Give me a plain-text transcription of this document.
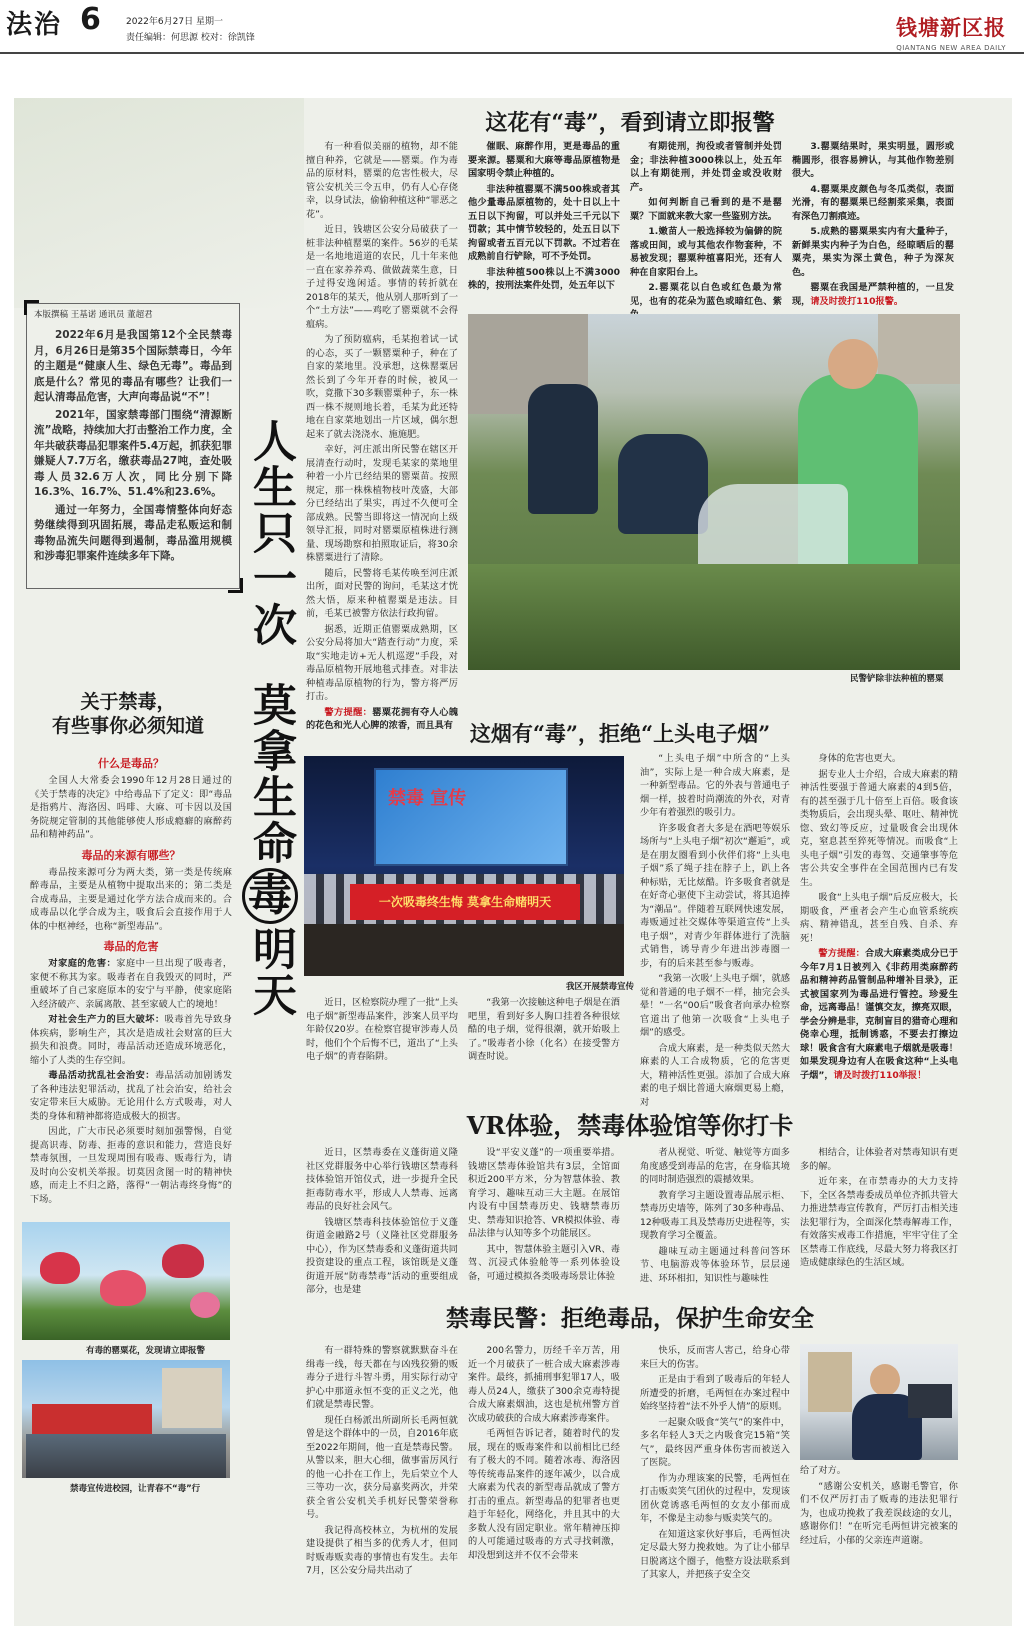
法治 6	2022年6月27日 星期一
责任编辑：何思源 校对：徐凯锋	钱塘新区报
QIANTANG NEW AREA DAILY
本版撰稿 王基诺 通讯员 董超君

2022年6月是我国第12个全民禁毒月，6月26日是第35个国际禁毒日，今年的主题是“健康人生、绿色无毒”。毒品到底是什么？常见的毒品有哪些？让我们一起认清毒品危害，大声向毒品说“不”！

2021年，国家禁毒部门围绕“清源断流”战略，持续加大打击整治工作力度，全年共破获毒品犯罪案件5.4万起，抓获犯罪嫌疑人7.7万名，缴获毒品27吨，查处吸毒人员32.6万人次，同比分别下降16.3%、16.7%、51.4%和23.6%。

通过一年努力，全国毒情整体向好态势继续得到巩固拓展，毒品走私贩运和制毒物品流失问题得到遏制，毒品滥用规模和涉毒犯罪案件连续多年下降。	人生只一次
莫拿生命
毒
明天
这花有“毒”，看到请立即报警

有一种看似美丽的植物，却不能擅自种养，它就是——罂粟。作为毒品的原材料，罂粟的危害性极大，尽管公安机关三令五申，仍有人心存侥幸，以身试法，偷偷种植这种“罪恶之花”。

近日，钱塘区公安分局破获了一桩非法种植罂粟的案件。56岁的毛某是一名地地道道的农民，几十年来他一直在家养养鸡、做做蔬菜生意，日子过得安逸闲适。事情的转折就在2018年的某天，他从别人那听到了一个“土方法”——鸡吃了罂粟就不会得瘟病。

为了预防瘟病，毛某抱着试一试的心态，买了一颗罂粟种子，种在了自家的菜地里。没承想，这株罂粟居然长到了今年开春的时候，被风一吹，竟撒下30多颗罂粟种子，东一株西一株不规则地长着，毛某为此还特地在自家菜地划出一片区域，偶尔想起来了就去浇浇水、施施肥。

幸好，河庄派出所民警在辖区开展清查行动时，发现毛某家的菜地里种着一小片已经结果的罂粟苗。按照规定，那一株株植物枝叶茂盛，大部分已经结出了果实，再过不久便可全部成熟。民警当即将这一情况向上级领导汇报，同时对罂粟原植株进行测量、现场勘察和拍照取证后，将30余株罂粟进行了清除。

随后，民警将毛某传唤至河庄派出所，面对民警的询问，毛某这才恍然大悟，原来种植罂粟是违法。目前，毛某已被警方依法行政拘留。

据悉，近期正值罂粟成熟期，区公安分局将加大“踏查行动”力度，采取“实地走访+无人机巡逻”手段，对毒品原植物开展地毯式排查。对非法种植毒品原植物的行为，警方将严厉打击。

警方提醒：罂粟花拥有夺人心魄的花色和光人心脾的浓香，而且具有

催眠、麻醉作用，更是毒品的重要来源。罂粟和大麻等毒品原植物是国家明令禁止种植的。

非法种植罂粟不满500株或者其他少量毒品原植物的，处十日以上十五日以下拘留，可以并处三千元以下罚款；其中情节较轻的，处五日以下拘留或者五百元以下罚款。不过若在成熟前自行铲除，可不予处罚。

非法种植500株以上不满3000株的，按刑法案件处罚，处五年以下

有期徒刑，拘役或者管制并处罚金；非法种植3000株以上，处五年以上有期徒刑，并处罚金或没收财产。

如何判断自己看到的是不是罂粟？下面就来教大家一些鉴别方法。

1.嫩苗人一般选择较为偏僻的院落或田间，或与其他农作物套种，不易被发现；罂粟种植喜阳光，还有人种在自家阳台上。

2.罂粟花以白色或红色最为常见，也有的花朵为蓝色或暗红色、紫

3.罂粟结果时，果实明显，圆形或椭圆形，很容易辨认，与其他作物差别很大。

4.罂粟果皮颜色与冬瓜类似，表面光滑，有的罂粟果已经割浆采集，表面有深色刀割痕迹。

5.成熟的罂粟果实内有大量种子，新鲜果实内种子为白色，经晾晒后的罂粟壳，果实为深土黄色，种子为深灰色。

罂粟在我国是严禁种植的，一旦发现，请及时拨打110报警。

民警铲除非法种植的罂粟
关于禁毒，
有些事你必须知道
什么是毒品？

全国人大常委会1990年12月28日通过的《关于禁毒的决定》中给毒品下了定义：即“毒品是指鸦片、海洛因、吗啡、大麻、可卡因以及国务院规定管制的其他能够使人形成瘾癖的麻醉药品和精神药品”。

毒品的来源有哪些？

毒品按来源可分为两大类，第一类是传统麻醉毒品，主要是从植物中提取出来的；第二类是合成毒品，主要是通过化学方法合成而来的。合成毒品以化学合成为主，吸食后会直接作用于人体的中枢神经，也称“新型毒品”。

毒品的危害

对家庭的危害：家庭中一旦出现了吸毒者，家便不称其为家。吸毒者在自我毁灭的同时，严重破坏了自己家庭原本的安宁与平静，使家庭陷入经济破产、亲属离散、甚至家破人亡的境地！

对社会生产力的巨大破坏：吸毒首先导致身体疾病，影响生产，其次是造成社会财富的巨大损失和浪费。同时，毒品活动还造成环境恶化，缩小了人类的生存空间。

毒品活动扰乱社会治安：毒品活动加剧诱发了各种违法犯罪活动，扰乱了社会治安，给社会安定带来巨大威胁。无论用什么方式吸毒，对人类的身体和精神都将造成极大的损害。

因此，广大市民必须要时刻加强警惕，自觉提高识毒、防毒、拒毒的意识和能力，营造良好禁毒氛围，一旦发现周围有吸毒、贩毒行为，请及时向公安机关举报。切莫因贪图一时的精神快感，而走上不归之路，落得“一朝沾毒终身悔”的下场。

有毒的罂粟花，发现请立即报警
禁毒宣传进校园，让青春不“毒”行
这烟有“毒”，拒绝“上头电子烟”
禁毒 宣传
一次吸毒终生悔 莫拿生命赌明天
我区开展禁毒宣传

近日，区检察院办理了一批“上头电子烟”新型毒品案件，涉案人员平均年龄仅20岁。在检察官提审涉毒人员时，他们个个后悔不已，道出了“上头电子烟”的青春陷阱。

“我第一次接触这种电子烟是在酒吧里，看到好多人胸口挂着各种很炫酷的电子烟，觉得很潮，就开始吸上了。”吸毒者小徐（化名）在接受警方调查时说。

“上头电子烟”中所含的“上头油”，实际上是一种合成大麻素，是一种新型毒品。它的外表与普通电子烟一样，披着时尚潮流的外衣，对青少年有着强烈的吸引力。

许多吸食者大多是在酒吧等娱乐场所与“上头电子烟”初次“邂逅”，或是在朋友圈看到小伙伴们将“上头电子烟”系了绳子挂在脖子上，趴上各种标贴，无比炫酷。许多吸食者就是在好奇心驱使下主动尝试，将其追捧为“潮品”。伴随着互联网快速发展，毒贩通过社交媒体等渠道宣传“上头电子烟”，对青少年群体进行了洗脑式销售，诱导青少年进出涉毒圈一步，有的后来甚至参与贩毒。

“我第一次吸‘上头电子烟’，就感觉和普通的电子烟不一样，抽完会头晕！”一名“00后”吸食者向承办检察官道出了他第一次吸食“上头电子烟”的感受。

合成大麻素，是一种类似天然大麻素的人工合成物质，它的危害更大，精神活性更强。添加了合成大麻素的电子烟比普通大麻烟更易上瘾，对

身体的危害也更大。

据专业人士介绍，合成大麻素的精神活性要强于普通大麻素的4到5倍，有的甚至强于几十倍至上百倍。吸食该类物质后，会出现头晕、呕吐、精神恍惚、致幻等反应，过量吸食会出现休克，窒息甚至猝死等情况。而吸食“上头电子烟”引发的毒驾、交通肇事等危害公共安全事件在全国范围内已有发生。

吸食“上头电子烟”后反应极大，长期吸食，严重者会产生心血管系统疾病、精神错乱，甚至自残、自杀、弃死！

警方提醒：合成大麻素类成分已于今年7月1日被列入《非药用类麻醉药品和精神药品管制品种增补目录》，正式被国家列为毒品进行管控。珍爱生命，远离毒品！谨慎交友，擦亮双眼，学会分辨是非，克制盲目的猎奇心理和侥幸心理，抵制诱惑，不要去打擦边球！吸食含有大麻素电子烟就是吸毒！如果发现身边有人在吸食这种“上头电子烟”，请及时拨打110举报！

VR体验，禁毒体验馆等你打卡

近日，区禁毒委在义蓬街道义隆社区党群服务中心举行钱塘区禁毒科技体验馆开馆仪式，进一步提升全民拒毒防毒水平，形成人人禁毒、远离毒品的良好社会风气。

钱塘区禁毒科技体验馆位于义蓬街道金融路2号（义隆社区党群服务中心），作为区禁毒委和义蓬街道共同投资建设的重点工程，该馆既是义蓬街道开展“防毒禁毒”活动的重要组成部分，也是建

设“平安义蓬”的一项重要举措。钱塘区禁毒体验馆共有3层，全馆面积近200平方米，分为智慧体验、教育学习、趣味互动三大主题。在展馆内设有中国禁毒历史、钱塘禁毒历史、禁毒知识抢答、VR模拟体验、毒品法律与认知等多个功能展区。

其中，智慧体验主题引入VR、毒驾、沉浸式体验舱等一系列体验设备，可通过模拟各类吸毒场景让体验

者从视觉、听觉、触觉等方面多角度感受到毒品的危害，在身临其境的同时制造强烈的震撼效果。

教育学习主题设置毒品展示柜、禁毒历史墙等，陈列了30多种毒品、12种吸毒工具及禁毒历史进程等，实现教育学习全覆盖。

趣味互动主题通过科普问答环节、电脑游戏等体验环节，层层递进、环环相扣，知识性与趣味性

相结合，让体验者对禁毒知识有更多的解。

近年来，在市禁毒办的大力支持下，全区各禁毒委成员单位齐抓共管大力推进禁毒宣传教育，严厉打击相关违法犯罪行为，全面深化禁毒解毒工作，有效落实戒毒工作措施，牢牢守住了全区禁毒工作底线，尽最大努力将我区打造成健康绿色的生活区域。

禁毒民警：拒绝毒品，保护生命安全

有一群特殊的警察就默默奋斗在缉毒一线，每天都在与凶残狡猾的贩毒分子进行斗智斗勇，用实际行动守护心中那道永恒不变的正义之光，他们就是禁毒民警。

现任白杨派出所副所长毛两恒就曾是这个群体中的一员，自2016年底至2022年期间，他一直是禁毒民警。从警以来，胆大心细，做事雷厉风行的他一心扑在工作上，先后荣立个人三等功一次，获分局嘉奖两次，并荣获全省公安机关手机好民警荣誉称号。

我记得高校林立，为杭州的发展建设提供了相当多的优秀人才，但同时贩毒贩卖毒的事情也有发生。去年7月，区公安分局共出动了

200名警力，历经千辛万苦，用近一个月破获了一桩合成大麻素涉毒案件。最终，抓捕刑事犯罪17人，吸毒人员24人，缴获了300余克毒特提合成大麻素烟油，这也是杭州警方首次成功破获的合成大麻素涉毒案件。

毛两恒告诉记者，随着时代的发展，现在的贩毒案件和以前相比已经有了极大的不同。随着冰毒、海洛因等传统毒品案件的逐年减少，以合成大麻素为代表的新型毒品就成了警方打击的重点。新型毒品的犯罪者也更趋于年轻化，网络化，并且其中的大多数人没有固定职业。常年精神压抑的人可能通过吸毒的方式寻找刺激，却没想到这并不仅不会带来

快乐，反而害人害己，给身心带来巨大的伤害。

正是由于看到了吸毒后的年轻人所遭受的折磨，毛两恒在办案过程中始终坚持着“法不外乎人情”的原则。

一起聚众吸食“笑气”的案件中，多名年轻人3天之内吸食完15箱“笑气”，最终因严重身体伤害而被送入了医院。

作为办理该案的民警，毛两恒在打击贩卖笑气团伙的过程中，发现该团伙竟诱惑毛两恒的女友小郁而成年，不像是主动参与贩卖笑气的。

在知道这家伙好事后，毛两恒决定尽最大努力挽救她。为了让小郁早日脱离这个圈子，他整方设法联系到了其家人，并把孩子安全交

给了对方。

“感谢公安机关，感谢毛警官，你们不仅严厉打击了贩毒的违法犯罪行为，也成功挽救了我差误歧途的女儿，感谢你们！”在听完毛两恒讲完被案的经过后，小郁的父亲连声道谢。
